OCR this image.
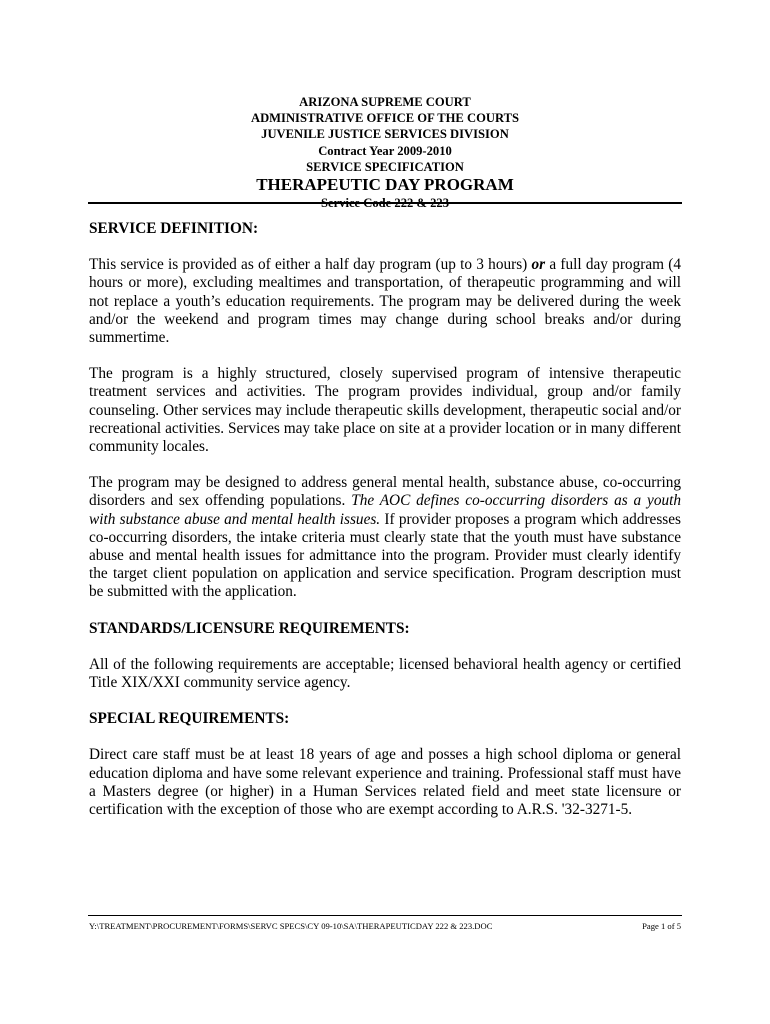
ARIZONA SUPREME COURT
ADMINISTRATIVE OFFICE OF THE COURTS
JUVENILE JUSTICE SERVICES DIVISION
Contract Year 2009-2010
SERVICE SPECIFICATION
THERAPEUTIC DAY PROGRAM
Service Code 222 & 223
SERVICE DEFINITION:

This service is provided as of either a half day program (up to 3 hours) or a full day program (4 hours or more), excluding mealtimes and transportation, of therapeutic programming and will not replace a youth’s education requirements. The program may be delivered during the week and/or the weekend and program times may change during school breaks and/or during summertime.

The program is a highly structured, closely supervised program of intensive therapeutic treatment services and activities. The program provides individual, group and/or family counseling. Other services may include therapeutic skills development, therapeutic social and/or recreational activities. Services may take place on site at a provider location or in many different community locales.

The program may be designed to address general mental health, substance abuse, co-occurring disorders and sex offending populations. The AOC defines co-occurring disorders as a youth with substance abuse and mental health issues. If provider proposes a program which addresses co-occurring disorders, the intake criteria must clearly state that the youth must have substance abuse and mental health issues for admittance into the program. Provider must clearly identify the target client population on application and service specification. Program description must be submitted with the application.

STANDARDS/LICENSURE REQUIREMENTS:

All of the following requirements are acceptable; licensed behavioral health agency or certified Title XIX/XXI community service agency.

SPECIAL REQUIREMENTS:

Direct care staff must be at least 18 years of age and posses a high school diploma or general education diploma and have some relevant experience and training. Professional staff must have a Masters degree (or higher) in a Human Services related field and meet state licensure or certification with the exception of those who are exempt according to A.R.S. '32-3271-5.

Y:\TREATMENT\PROCUREMENT\FORMS\SERVC SPECS\CY 09-10\SA\THERAPEUTICDAY 222 & 223.DOC	Page 1 of 5
